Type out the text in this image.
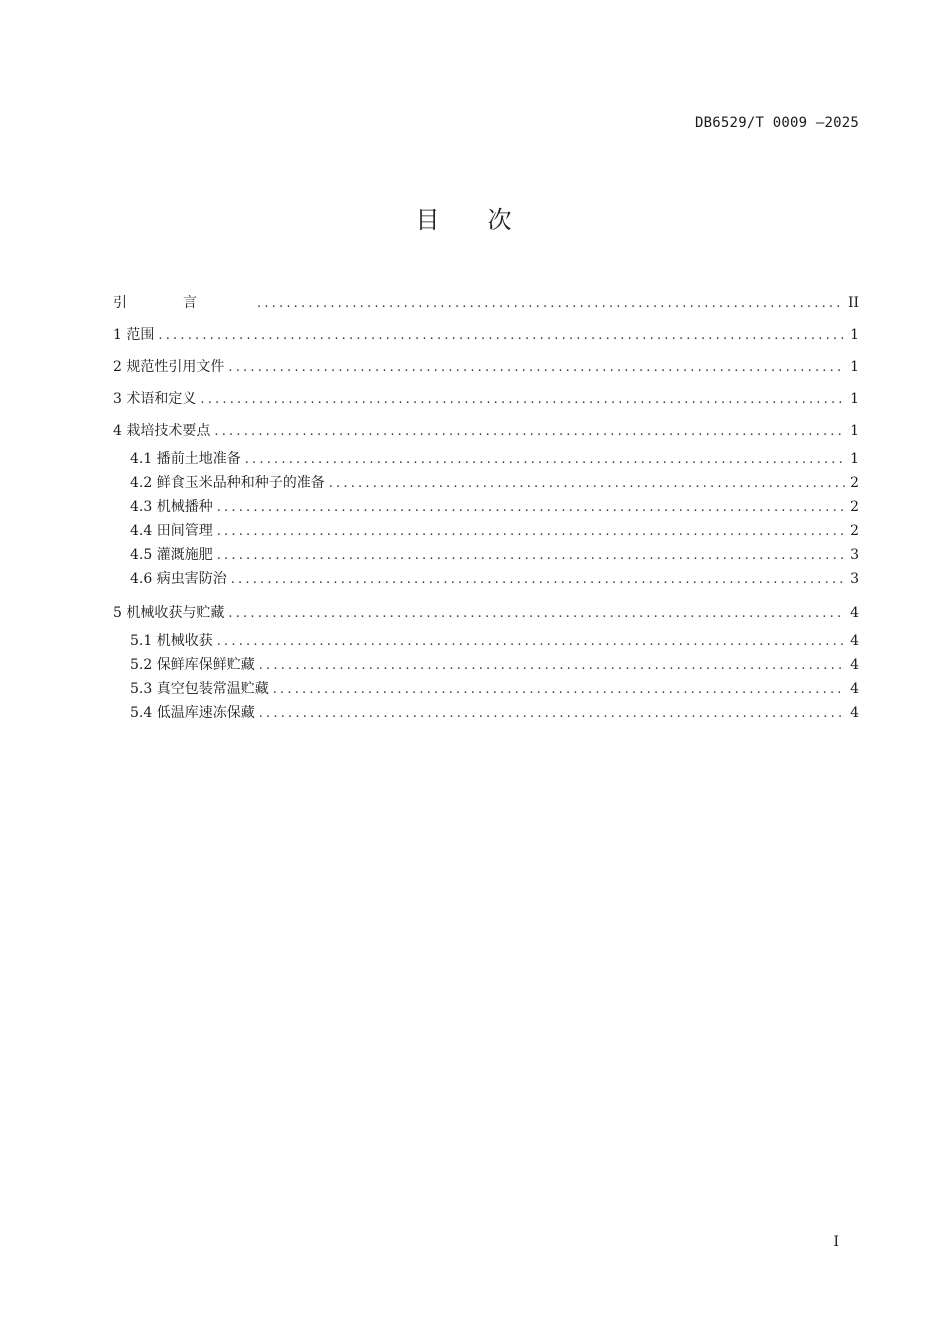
DB6529/T 0009 —2025
目次
引言 .....	II
1 范围 .....	1
2 规范性引用文件 .....	1
3 术语和定义 .....	1
4 栽培技术要点 .....	1
4.1 播前土地准备 .....	1
4.2 鲜食玉米品种和种子的准备 .....	2
4.3 机械播种 .....	2
4.4 田间管理 .....	2
4.5 灌溉施肥 .....	3
4.6 病虫害防治 .....	3
5 机械收获与贮藏 .....	4
5.1 机械收获 .....	4
5.2 保鲜库保鲜贮藏 .....	4
5.3 真空包装常温贮藏 .....	4
5.4 低温库速冻保藏 .....	4
I
